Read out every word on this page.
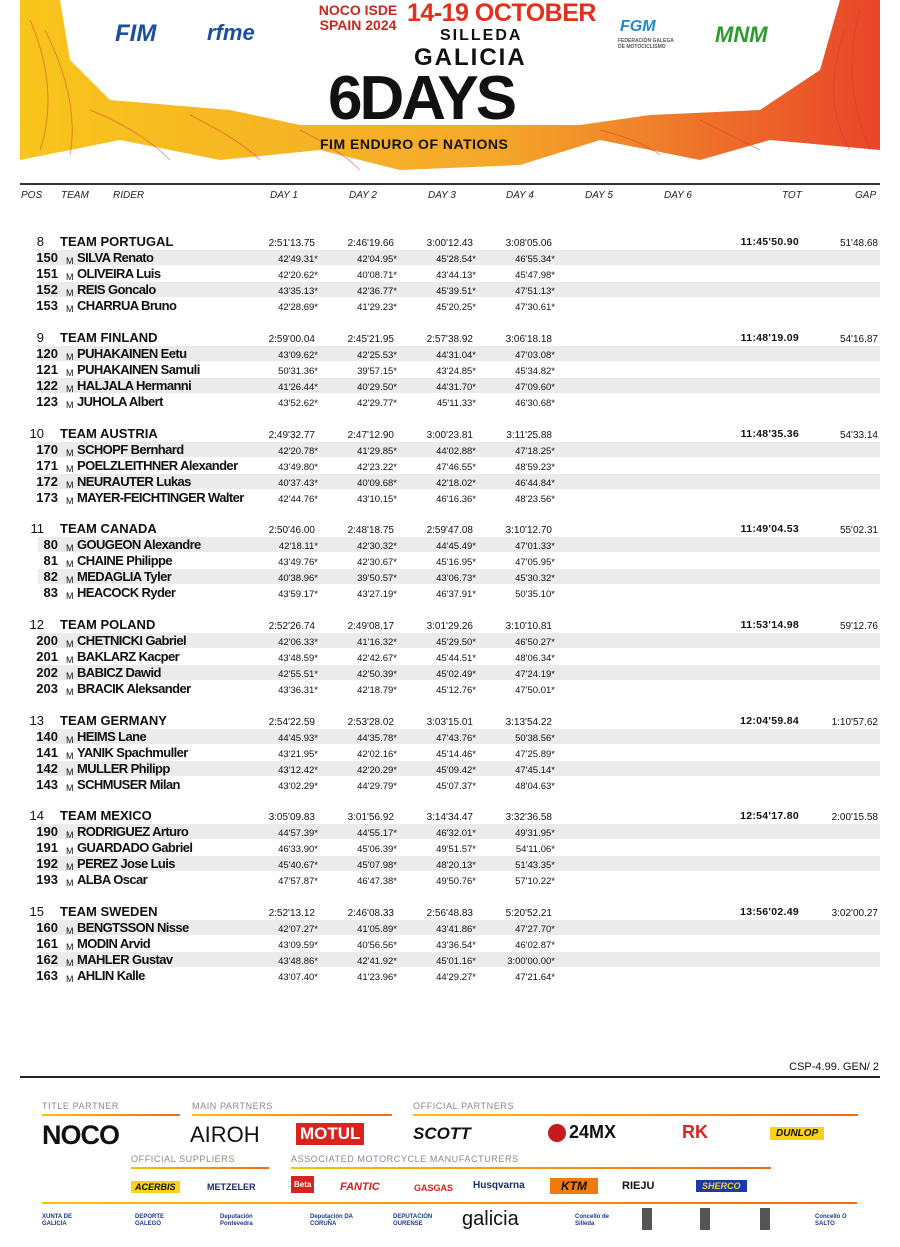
FIM rfme
NOCO ISDE SPAIN 2024 14-19 OCTOBER
SILLEDA
GALICIA
FGM
FEDERACIÓN GALEGA DE MOTOCICLISMO	MNM
6DAYS
FIM ENDURO OF NATIONS
POS TEAM RIDER	DAY 1	DAY 2	DAY 3	DAY 4	DAY 5	DAY 6	TOT	GAP
8 TEAM PORTUGAL	2:51'13.75	2:46'19.66	3:00'12.43	3:08'05.06	11:45'50.90	51'48.68
150 M SILVA Renato	42'49.31*	42'04.95*	45'28.54*	46'55.34*
151 M OLIVEIRA Luis	42'20.62*	40'08.71*	43'44.13*	45'47.98*
152 M REIS Goncalo	43'35.13*	42'36.77*	45'39.51*	47'51.13*
153 M CHARRUA Bruno	42'28.69*	41'29.23*	45'20.25*	47'30.61*
9 TEAM FINLAND	2:59'00.04	2:45'21.95	2:57'38.92	3:06'18.18	11:48'19.09	54'16.87
120 M PUHAKAINEN Eetu	43'09.62*	42'25.53*	44'31.04*	47'03.08*
121 M PUHAKAINEN Samuli	50'31.36*	39'57.15*	43'24.85*	45'34.82*
122 M HALJALA Hermanni	41'26.44*	40'29.50*	44'31.70*	47'09.60*
123 M JUHOLA Albert	43'52.62*	42'29.77*	45'11.33*	46'30.68*
10 TEAM AUSTRIA	2:49'32.77	2:47'12.90	3:00'23.81	3:11'25.88	11:48'35.36	54'33.14
170 M SCHOPF Bernhard	42'20.78*	41'29.85*	44'02.88*	47'18.25*
171 M POELZLEITHNER Alexander	43'49.80*	42'23.22*	47'46.55*	48'59.23*
172 M NEURAUTER Lukas	40'37.43*	40'09.68*	42'18.02*	46'44.84*
173 M MAYER-FEICHTINGER Walter	42'44.76*	43'10.15*	46'16.36*	48'23.56*
11 TEAM CANADA	2:50'46.00	2:48'18.75	2:59'47.08	3:10'12.70	11:49'04.53	55'02.31
80 M GOUGEON Alexandre	42'18.11*	42'30.32*	44'45.49*	47'01.33*
81 M CHAINE Philippe	43'49.76*	42'30.67*	45'16.95*	47'05.95*
82 M MEDAGLIA Tyler	40'38.96*	39'50.57*	43'06.73*	45'30.32*
83 M HEACOCK Ryder	43'59.17*	43'27.19*	46'37.91*	50'35.10*
12 TEAM POLAND	2:52'26.74	2:49'08.17	3:01'29.26	3:10'10.81	11:53'14.98	59'12.76
200 M CHETNICKI Gabriel	42'06.33*	41'16.32*	45'29.50*	46'50.27*
201 M BAKLARZ Kacper	43'48.59*	42'42.67*	45'44.51*	48'06.34*
202 M BABICZ Dawid	42'55.51*	42'50.39*	45'02.49*	47'24.19*
203 M BRACIK Aleksander	43'36.31*	42'18.79*	45'12.76*	47'50.01*
13 TEAM GERMANY	2:54'22.59	2:53'28.02	3:03'15.01	3:13'54.22	12:04'59.84	1:10'57.62
140 M HEIMS Lane	44'45.93*	44'35.78*	47'43.76*	50'38.56*
141 M YANIK Spachmuller	43'21.95*	42'02.16*	45'14.46*	47'25.89*
142 M MULLER Philipp	43'12.42*	42'20.29*	45'09.42*	47'45.14*
143 M SCHMUSER Milan	43'02.29*	44'29.79*	45'07.37*	48'04.63*
14 TEAM MEXICO	3:05'09.83	3:01'56.92	3:14'34.47	3:32'36.58	12:54'17.80	2:00'15.58
190 M RODRIGUEZ Arturo	44'57.39*	44'55.17*	46'32.01*	49'31.95*
191 M GUARDADO Gabriel	46'33.90*	45'06.39*	49'51.57*	54'11.06*
192 M PEREZ Jose Luis	45'40.67*	45'07.98*	48'20.13*	51'43.35*
193 M ALBA Oscar	47'57.87*	46'47.38*	49'50.76*	57'10.22*
15 TEAM SWEDEN	2:52'13.12	2:46'08.33	2:56'48.83	5:20'52.21	13:56'02.49	3:02'00.27
160 M BENGTSSON Nisse	42'07.27*	41'05.89*	43'41.86*	47'27.70*
161 M MODIN Arvid	43'09.59*	40'56.56*	43'36.54*	46'02.87*
162 M MAHLER Gustav	43'48.86*	42'41.92*	45'01.16*	3:00'00.00*
163 M AHLIN Kalle	43'07.40*	41'23.96*	44'29.27*	47'21.64*
CSP-4.99. GEN/ 2
TITLE PARTNER	MAIN PARTNERS	OFFICIAL PARTNERS
NOCO	AIROH MOTUL	SCOTT	24MX	RK	DUNLOP
OFFICIAL SUPPLIERS	ASSOCIATED MOTORCYCLE MANUFACTURERS
ACERBIS	METZELER	Beta	FANTIC	GASGAS Husqvarna	KTM	RIEJU	SHERCO
XUNTA DE GALICIA
DEPORTE GALEGO
Deputación Pontevedra
Deputación DA CORUÑA
DEPUTACIÓN OURENSE	galicia	Concello de Silleda
Concello O SALTO
